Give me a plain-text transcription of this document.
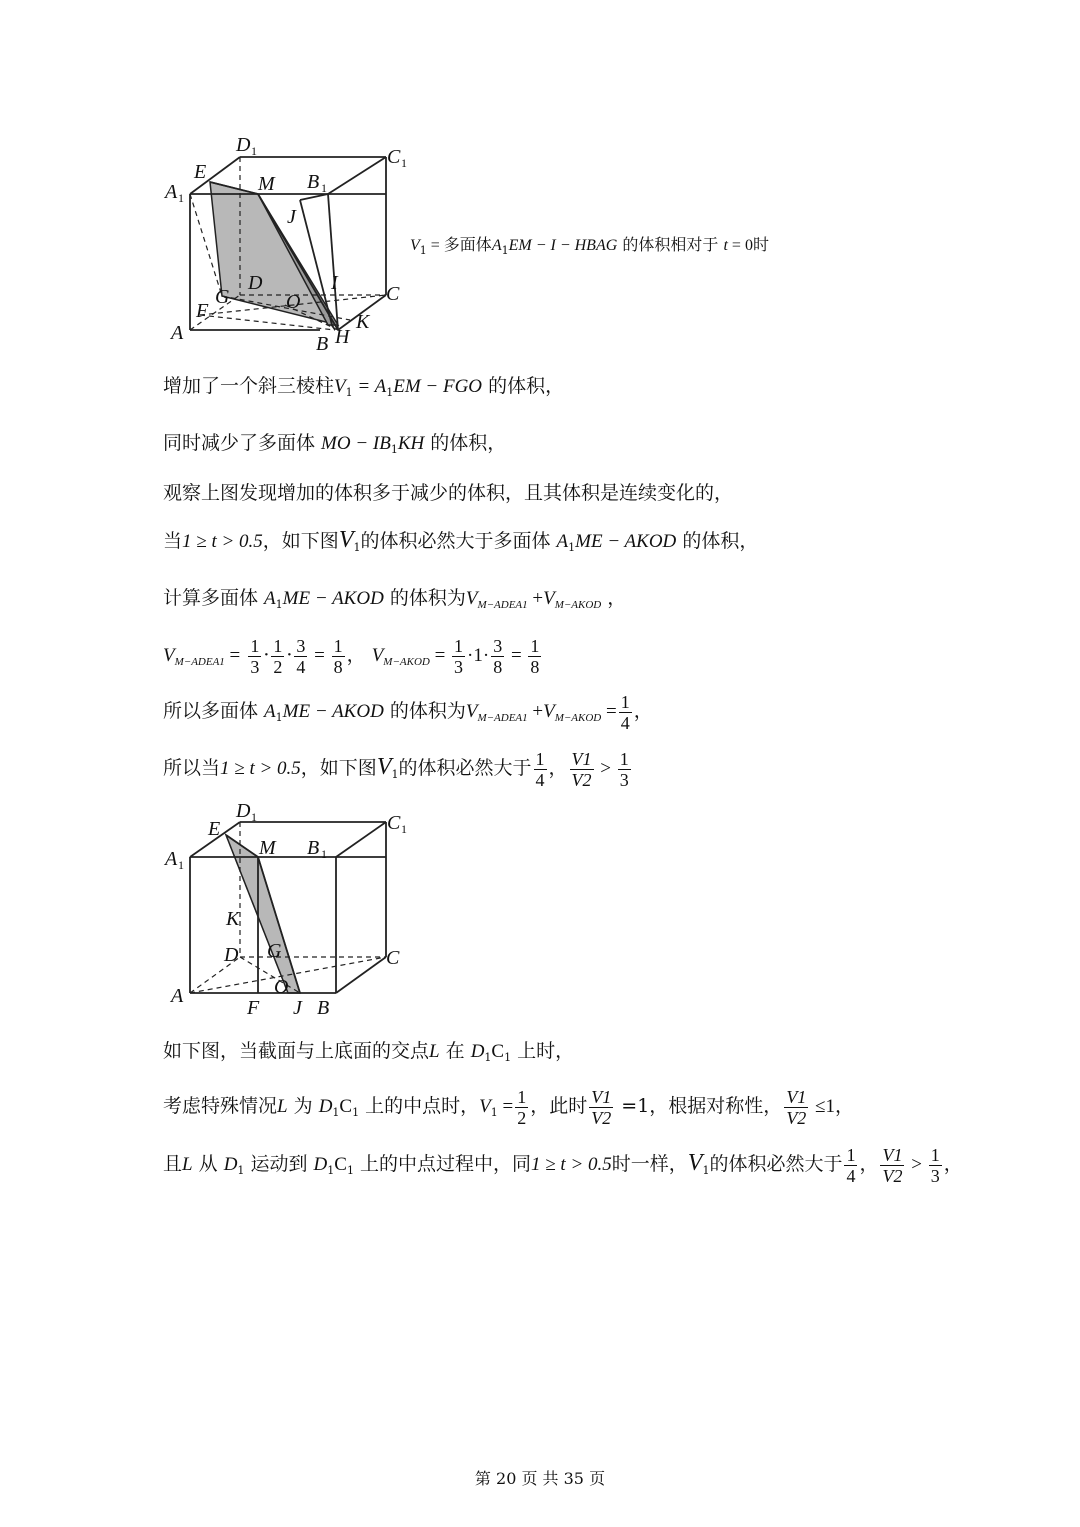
D 1	C 1
E
M B 1
A 1
J
D	I C
G	O
F	K
A	B H
$V_1$ = 多面体$A_1EM - I$ − HBAG 的体积相对于 t = 0时
增加了一个斜三棱柱$V_1 = A_1EM$ − FGO 的体积，
同时减少了多面体 MO − $IB_1KH$ 的体积，
观察上图发现增加的体积多于减少的体积，且其体积是连续变化的，
当1 ≥ t > 0.5，如下图$V_1$的体积必然大于多面体 $A_1ME$ − AKOD 的体积，
计算多面体 $A_1ME$ − AKOD 的体积为$V_{M-ADEA1} +V_{M-AKOD}$ ，
$V_{M-ADEA1} = \frac{1}{3} \cdot \frac{1}{2} \cdot \frac{3}{4} = \frac{1}{8}$ ， $V_{M-AKOD} = \frac{1}{3} \cdot 1\cdot \frac{3}{8} = \frac{1}{8}$
所以多面体 $A_1ME$ − AKOD 的体积为$V_{M-ADEA1} +V_{M-AKOD} = \frac{1}{4}$ ，
所以当1 ≥ t > 0.5，如下图$V_1$的体积必然大于 $\frac{1}{4}$ ， $\frac{V1}{V2} > \frac{1}{3}$
D 1	C 1
E
M B 1
A 1
K
D G	C
A	O
F J B
如下图，当截面与上底面的交点L 在 $D_1C_1$ 上时，
考虑特殊情况L 为 $D_1C_1$ 上的中点时，$V_1 = \frac{1}{2}$ ，此时 $\frac{V1}{V2} =1$，根据对称性， $\frac{V1}{V2} \le 1$，
且L 从 $D_1$ 运动到 $D_1C_1$ 上的中点过程中，同1 ≥ t > 0.5时一样，$V_1$的体积必然大于 $\frac{1}{4}$ ， $\frac{V1}{V2} > \frac{1}{3}$ ，
第 20 页 共 35 页
